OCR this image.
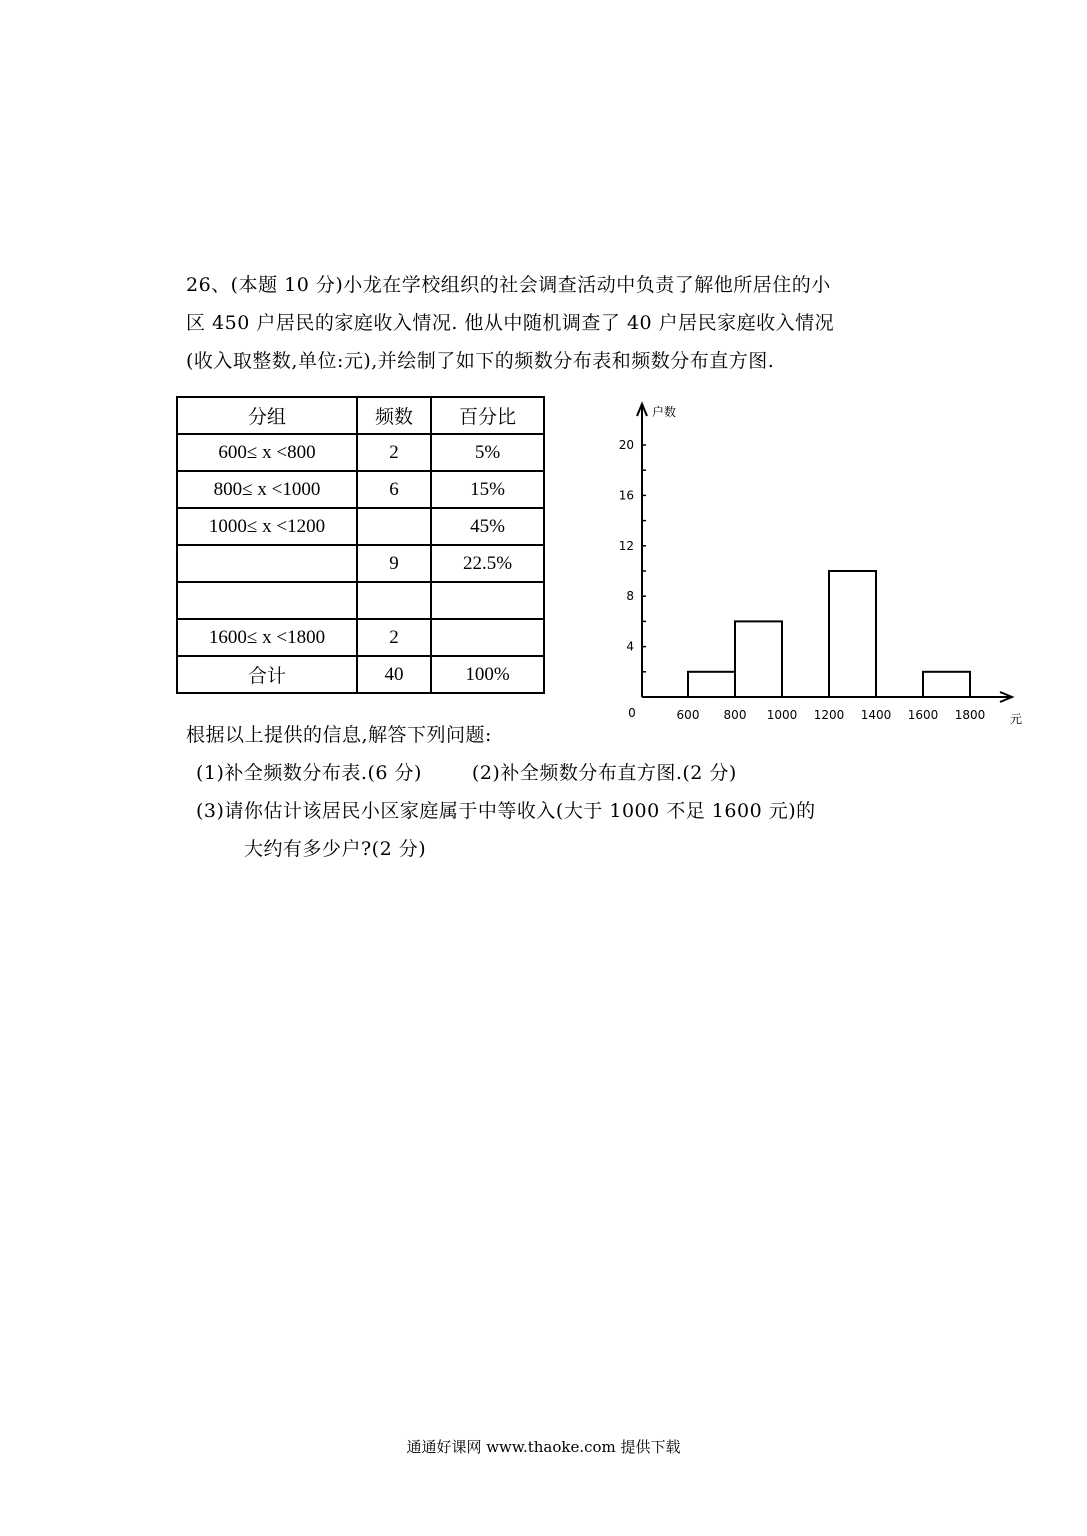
26、(本题 10 分)小龙在学校组织的社会调查活动中负责了解他所居住的小
区 450 户居民的家庭收入情况. 他从中随机调查了 40 户居民家庭收入情况
(收入取整数,单位:元),并绘制了如下的频数分布表和频数分布直方图.
分组	频数	百分比
600≤ x <800	2	5%
800≤ x <1000	6	15%
1000≤ x <1200		45%
	9	22.5%

1600≤ x <1800	2	
合计	40	100%
4
8
12
16
20
600 800 1000 1200 1400 1600 1800
0
户数
元
根据以上提供的信息,解答下列问题:
(1)补全频数分布表.(6 分)	(2)补全频数分布直方图.(2 分)
(3)请你估计该居民小区家庭属于中等收入(大于 1000 不足 1600 元)的
大约有多少户?(2 分)
通通好课网 www.thaoke.com 提供下载
